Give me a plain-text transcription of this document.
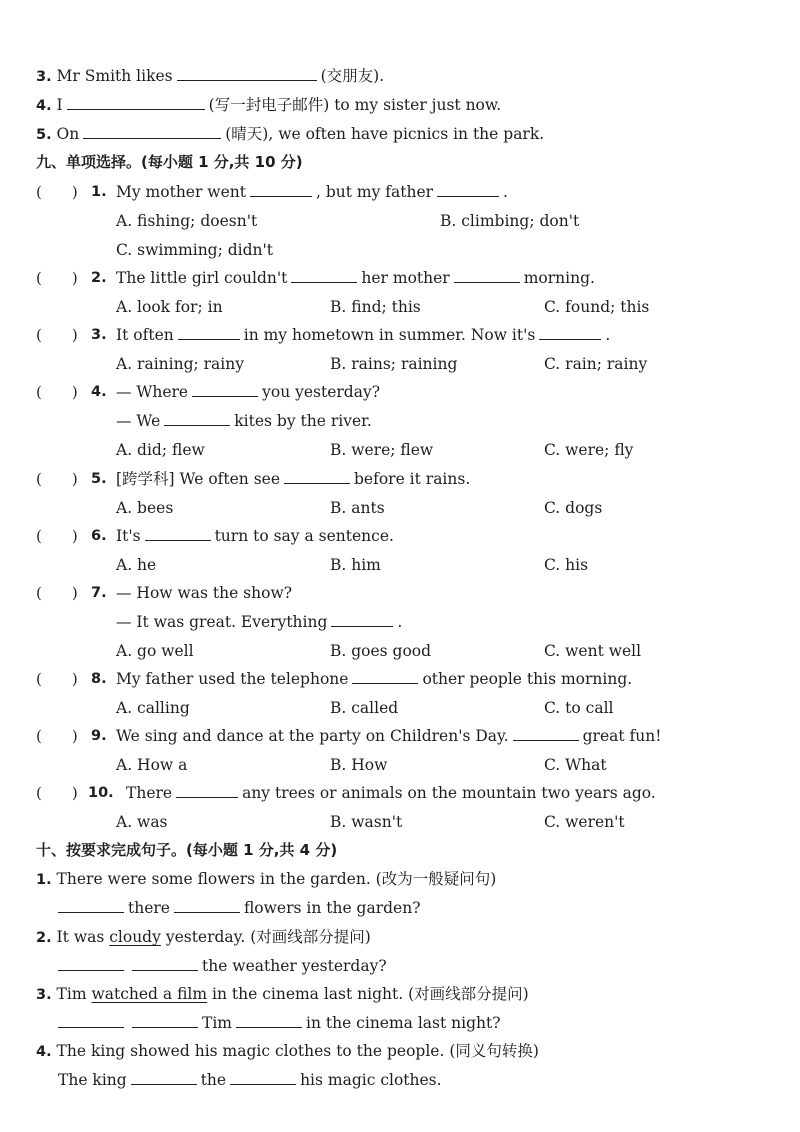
3. Mr Smith likes	(交朋友).
4. I	(写一封电子邮件) to my sister just now.
5. On	(晴天), we often have picnics in the park.
九、单项选择。(每小题 1 分,共 10 分)
( ) 1. My mother went	, but my father	.
A. fishing; doesn't	B. climbing; don't
C. swimming; didn't
( ) 2. The little girl couldn't	her mother	morning.
A. look for; in	B. find; this	C. found; this
( ) 3. It often	in my hometown in summer. Now it's	.
A. raining; rainy	B. rains; raining	C. rain; rainy
( ) 4. — Where	you yesterday?
— We	kites by the river.
A. did; flew	B. were; flew	C. were; fly
( ) 5. [跨学科] We often see	before it rains.
A. bees	B. ants	C. dogs
( ) 6. It's	turn to say a sentence.
A. he	B. him	C. his
( ) 7. — How was the show?
— It was great. Everything	.
A. go well	B. goes good	C. went well
( ) 8. My father used the telephone	other people this morning.
A. calling	B. called	C. to call
( ) 9. We sing and dance at the party on Children's Day.	great fun!
A. How a	B. How	C. What
( ) 10. There	any trees or animals on the mountain two years ago.
A. was	B. wasn't	C. weren't
十、按要求完成句子。(每小题 1 分,共 4 分)
1. There were some flowers in the garden. (改为一般疑问句)
there	flowers in the garden?
2. It was cloudy yesterday. (对画线部分提问)
the weather yesterday?
3. Tim watched a film in the cinema last night. (对画线部分提问)
Tim	in the cinema last night?
4. The king showed his magic clothes to the people. (同义句转换)
The king	the	his magic clothes.
